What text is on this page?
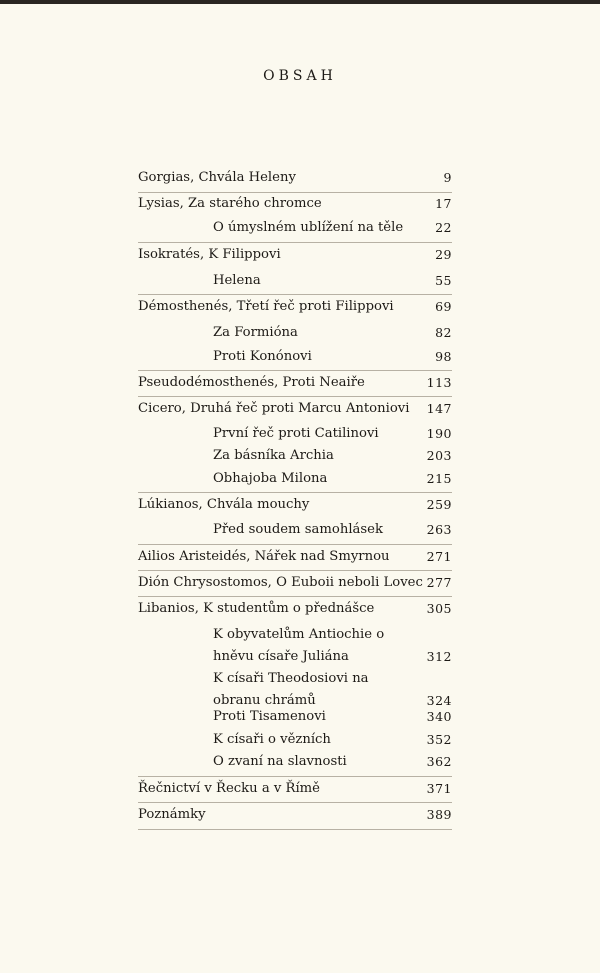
OBSAH
Gorgias, Chvála Heleny	9
Lysias, Za starého chromce	17
O úmyslném ublížení na těle	22
Isokratés, K Filippovi	29
Helena	55
Démosthenés, Třetí řeč proti Filippovi	69
Za Formióna	82
Proti Konónovi	98
Pseudodémosthenés, Proti Neaiře	113
Cicero, Druhá řeč proti Marcu Antoniovi	147
První řeč proti Catilinovi	190
Za básníka Archia	203
Obhajoba Milona	215
Lúkianos, Chvála mouchy	259
Před soudem samohlásek	263
Ailios Aristeidés, Nářek nad Smyrnou	271
Dión Chrysostomos, O Euboii neboli Lovec 277
Libanios, K studentům o přednášce	305
K obyvatelům Antiochie o hněvu císaře Juliána	312
K císaři Theodosiovi na obranu chrámů	324
Proti Tisamenovi	340
K císaři o vězních	352
O zvaní na slavnosti	362
Řečnictví v Řecku a v Římě	371
Poznámky	389
